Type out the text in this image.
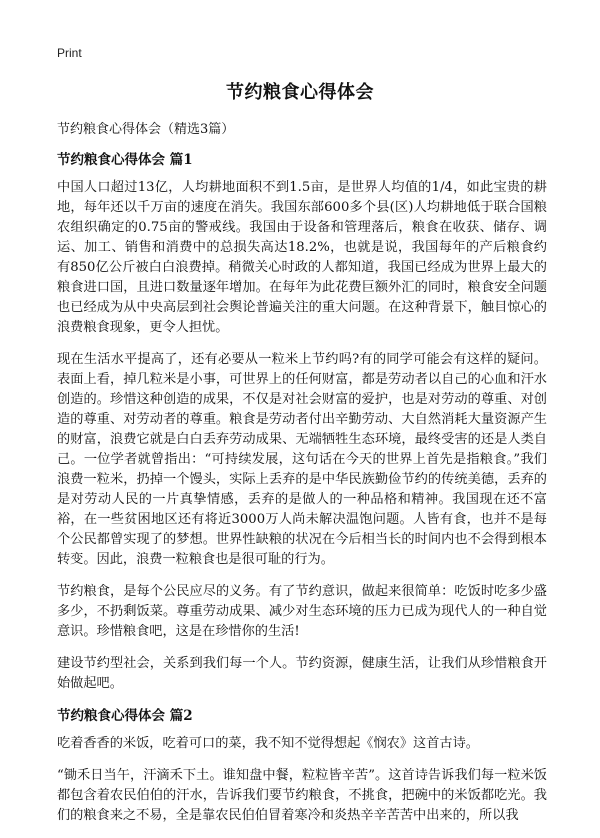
Print
节约粮食心得体会

节约粮食心得体会（精选3篇）

节约粮食心得体会 篇1

中国人口超过13亿，人均耕地面积不到1.5亩，是世界人均值的1/4，如此宝贵的耕地，每年还以千万亩的速度在消失。我国东部600多个县(区)人均耕地低于联合国粮农组织确定的0.75亩的警戒线。我国由于设备和管理落后，粮食在收获、储存、调运、加工、销售和消费中的总损失高达18.2%，也就是说，我国每年的产后粮食约有850亿公斤被白白浪费掉。稍微关心时政的人都知道，我国已经成为世界上最大的粮食进口国，且进口数量逐年增加。在每年为此花费巨额外汇的同时，粮食安全问题也已经成为从中央高层到社会舆论普遍关注的重大问题。在这种背景下，触目惊心的浪费粮食现象，更令人担忧。

现在生活水平提高了，还有必要从一粒米上节约吗?有的同学可能会有这样的疑问。表面上看，掉几粒米是小事，可世界上的任何财富，都是劳动者以自己的心血和汗水创造的。珍惜这种创造的成果，不仅是对社会财富的爱护，也是对劳动的尊重、对创造的尊重、对劳动者的尊重。粮食是劳动者付出辛勤劳动、大自然消耗大量资源产生的财富，浪费它就是白白丢弃劳动成果、无端牺牲生态环境，最终受害的还是人类自己。一位学者就曾指出：“可持续发展，这句话在今天的世界上首先是指粮食。”我们浪费一粒米，扔掉一个馒头，实际上丢弃的是中华民族勤俭节约的传统美德，丢弃的是对劳动人民的一片真挚情感，丢弃的是做人的一种品格和精神。我国现在还不富裕，在一些贫困地区还有将近3000万人尚未解决温饱问题。人皆有食，也并不是每个公民都曾实现了的梦想。世界性缺粮的状况在今后相当长的时间内也不会得到根本转变。因此，浪费一粒粮食也是很可耻的行为。

节约粮食，是每个公民应尽的义务。有了节约意识，做起来很简单：吃饭时吃多少盛多少，不扔剩饭菜。尊重劳动成果、减少对生态环境的压力已成为现代人的一种自觉意识。珍惜粮食吧，这是在珍惜你的生活!

建设节约型社会，关系到我们每一个人。节约资源，健康生活，让我们从珍惜粮食开始做起吧。

节约粮食心得体会 篇2

吃着香香的米饭，吃着可口的菜，我不知不觉得想起《悯农》这首古诗。

“锄禾日当午，汗滴禾下土。谁知盘中餐，粒粒皆辛苦”。这首诗告诉我们每一粒米饭都包含着农民伯伯的汗水，告诉我们要节约粮食，不挑食，把碗中的米饭都吃光。我们的粮食来之不易，全是靠农民伯伯冒着寒冷和炎热辛辛苦苦中出来的，所以我
